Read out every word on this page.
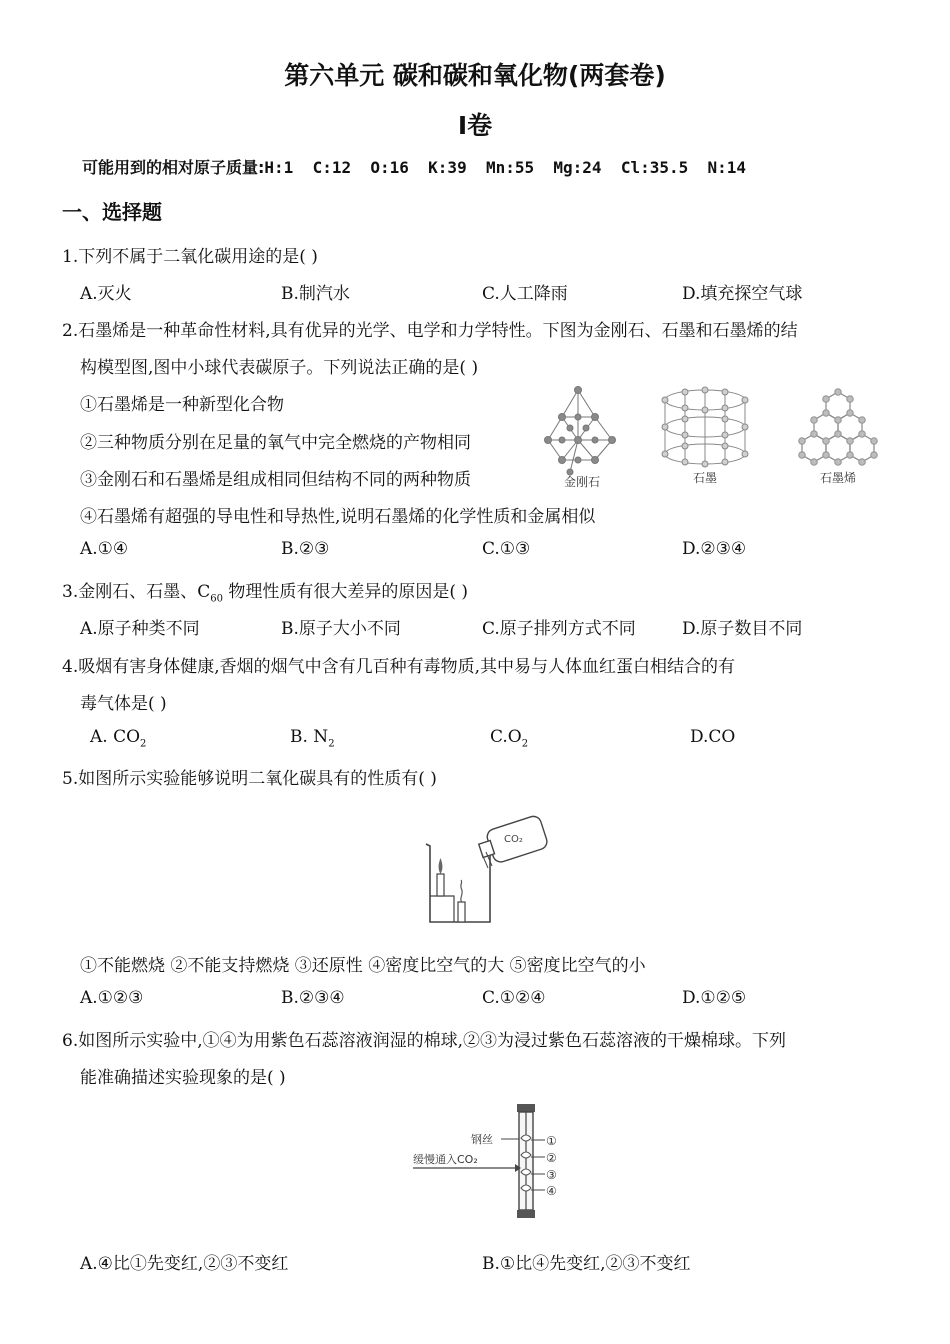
第六单元 碳和碳和氧化物(两套卷)
Ⅰ卷
可能用到的相对原子质量:H:1  C:12  O:16  K:39  Mn:55  Mg:24  Cl:35.5  N:14
一、选择题
1.下列不属于二氧化碳用途的是( )
A.灭火	B.制汽水	C.人工降雨	D.填充探空气球
2.石墨烯是一种革命性材料,具有优异的光学、电学和力学特性。下图为金刚石、石墨和石墨烯的结
构模型图,图中小球代表碳原子。下列说法正确的是( )
①石墨烯是一种新型化合物
②三种物质分别在足量的氧气中完全燃烧的产物相同
③金刚石和石墨烯是组成相同但结构不同的两种物质
④石墨烯有超强的导电性和导热性,说明石墨烯的化学性质和金属相似
金刚石	石墨	石墨烯
A.①④	B.②③	C.①③	D.②③④
3.金刚石、石墨、$C_{60}$ 物理性质有很大差异的原因是( )
A.原子种类不同	B.原子大小不同	C.原子排列方式不同	D.原子数目不同
4.吸烟有害身体健康,香烟的烟气中含有几百种有毒物质,其中易与人体血红蛋白相结合的有
毒气体是( )
A. $CO_2$	B. $N_2$	$C.O_2$	D.CO
5.如图所示实验能够说明二氧化碳具有的性质有( )
CO₂
①不能燃烧 ②不能支持燃烧 ③还原性 ④密度比空气的大 ⑤密度比空气的小
A.①②③	B.②③④	C.①②④	D.①②⑤
6.如图所示实验中,①④为用紫色石蕊溶液润湿的棉球,②③为浸过紫色石蕊溶液的干燥棉球。下列
能准确描述实验现象的是( )
缓慢通入CO₂
钢丝	①
②
③
④
A.④比①先变红,②③不变红	B.①比④先变红,②③不变红
